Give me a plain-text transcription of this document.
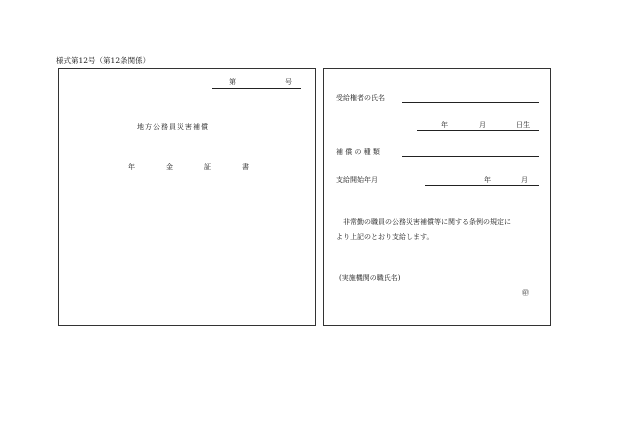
様式第12号（第12条関係）
第	号
地方公務員災害補償
年　金　証　書
受給権者の氏名
年	月	日生
補 償 の 種 類
支給開始年月	年	月
非常勤の職員の公務災害補償等に関する条例の規定に
より上記のとおり支給します。
(実施機関の職氏名)
㊞
